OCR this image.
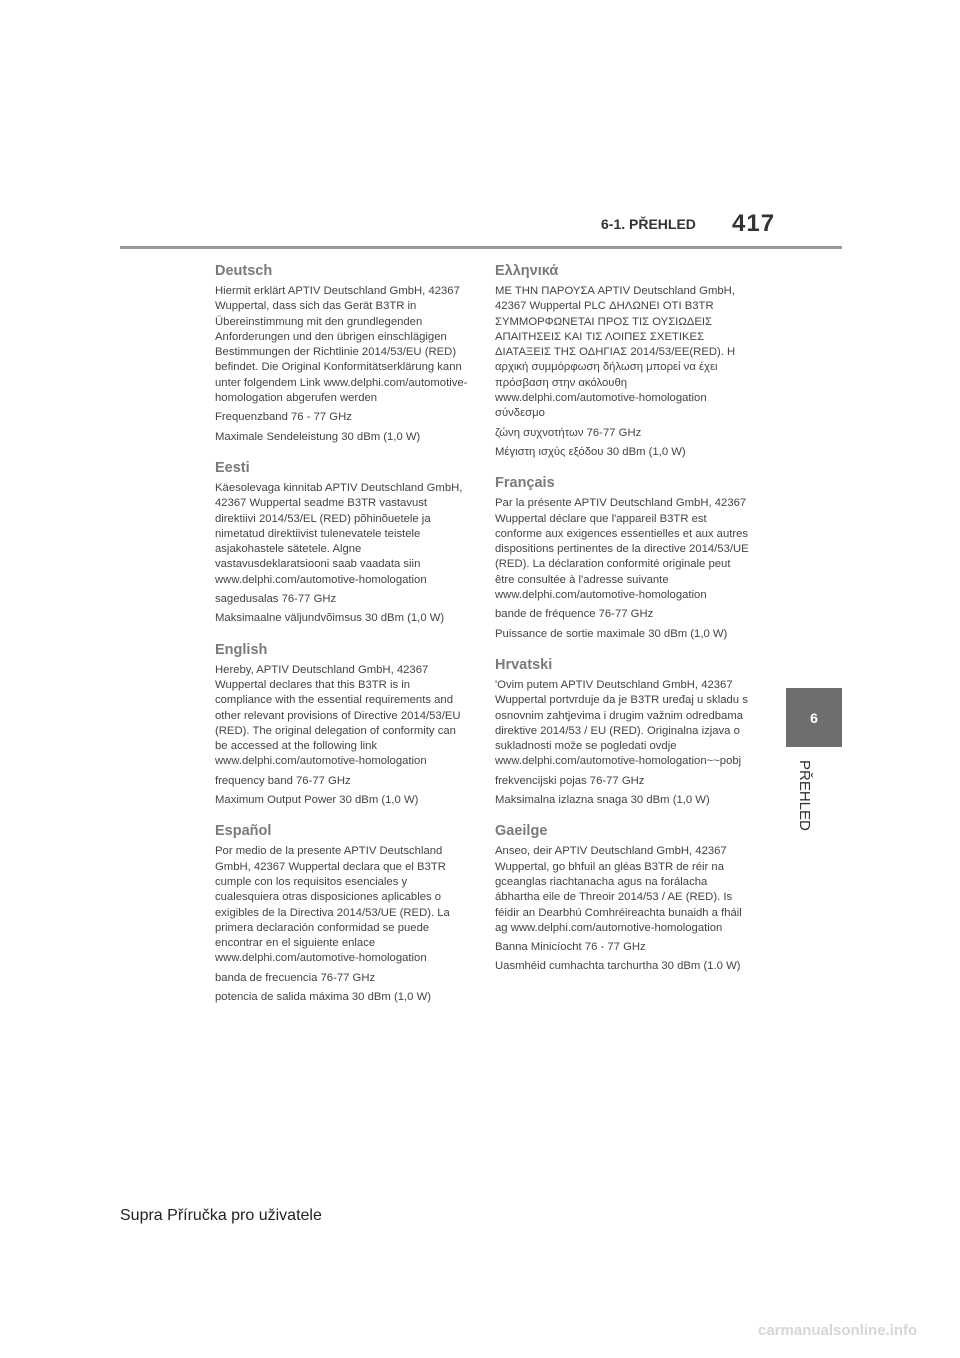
6-1. PŘEHLED 417
6
PŘEHLED

Deutsch

Hiermit erklärt APTIV Deutschland GmbH, 42367 Wuppertal, dass sich das Gerät B3TR in Übereinstimmung mit den grundlegenden Anforderungen und den übrigen einschlägigen Bestimmungen der Richtlinie 2014/53/EU (RED) befindet. Die Original Konformitätserklärung kann unter folgendem Link www.delphi.com/automotive-homologation abgerufen werden

Frequenzband 76 - 77 GHz

Maximale Sendeleistung 30 dBm (1,0 W)

Eesti

Käesolevaga kinnitab APTIV Deutschland GmbH, 42367 Wuppertal seadme B3TR vastavust direktiivi 2014/53/EL (RED) põhinõuetele ja nimetatud direktiivist tulenevatele teistele asjakohastele sätetele. Algne vastavusdeklaratsiooni saab vaadata siin www.delphi.com/automotive-homologation

sagedusalas 76-77 GHz

Maksimaalne väljundvõimsus 30 dBm (1,0 W)

English

Hereby, APTIV Deutschland GmbH, 42367 Wuppertal declares that this B3TR is in compliance with the essential requirements and other relevant provisions of Directive 2014/53/EU (RED). The original delegation of conformity can be accessed at the following link www.delphi.com/automotive-homologation

frequency band 76-77 GHz

Maximum Output Power 30 dBm (1,0 W)

Español

Por medio de la presente APTIV Deutschland GmbH, 42367 Wuppertal declara que el B3TR cumple con los requisitos esenciales y cualesquiera otras disposiciones aplicables o exigibles de la Directiva 2014/53/UE (RED). La primera declaración conformidad se puede encontrar en el siguiente enlace www.delphi.com/automotive-homologation

banda de frecuencia 76-77 GHz

potencia de salida máxima 30 dBm (1,0 W)

Ελληνικά

ΜΕ ΤΗΝ ΠΑΡΟΥΣΑ APTIV Deutschland GmbH, 42367 Wuppertal PLC ΔΗΛΩΝΕΙ ΟΤΙ B3TR ΣΥΜΜΟΡΦΩΝΕΤΑΙ ΠΡΟΣ ΤΙΣ ΟΥΣΙΩΔΕΙΣ ΑΠΑΙΤΗΣΕΙΣ ΚΑΙ ΤΙΣ ΛΟΙΠΕΣ ΣΧΕΤΙΚΕΣ ΔΙΑΤΑΞΕΙΣ ΤΗΣ ΟΔΗΓΙΑΣ 2014/53/ΕΕ(RED). Η αρχική συμμόρφωση δήλωση μπορεί να έχει πρόσβαση στην ακόλουθη www.delphi.com/automotive-homologation σύνδεσμο

ζώνη συχνοτήτων 76-77 GHz

Μέγιστη ισχύς εξόδου 30 dBm (1,0 W)

Français

Par la présente APTIV Deutschland GmbH, 42367 Wuppertal déclare que l'appareil B3TR est conforme aux exigences essentielles et aux autres dispositions pertinentes de la directive 2014/53/UE (RED). La déclaration conformité originale peut être consultée à l'adresse suivante www.delphi.com/automotive-homologation

bande de fréquence 76-77 GHz

Puissance de sortie maximale 30 dBm (1,0 W)

Hrvatski

'Ovim putem APTIV Deutschland GmbH, 42367 Wuppertal portvrduje da je B3TR uređaj u skladu s osnovnim zahtjevima i drugim važnim odredbama direktive 2014/53 / EU (RED). Originalna izjava o sukladnosti može se pogledati ovdje www.delphi.com/automotive-homologation~~pobj

frekvencijski pojas 76-77 GHz

Maksimalna izlazna snaga 30 dBm (1,0 W)

Gaeilge

Anseo, deir APTIV Deutschland GmbH, 42367 Wuppertal, go bhfuil an gléas B3TR de réir na gceanglas riachtanacha agus na forálacha ábhartha eile de Threoir 2014/53 / AE (RED). Is féidir an Dearbhú Comhréireachta bunaidh a fháil ag www.delphi.com/automotive-homologation

Banna Minicíocht 76 - 77 GHz

Uasmhéid cumhachta tarchurtha 30 dBm (1.0 W)

Supra Příručka pro uživatele
carmanualsonline.info
